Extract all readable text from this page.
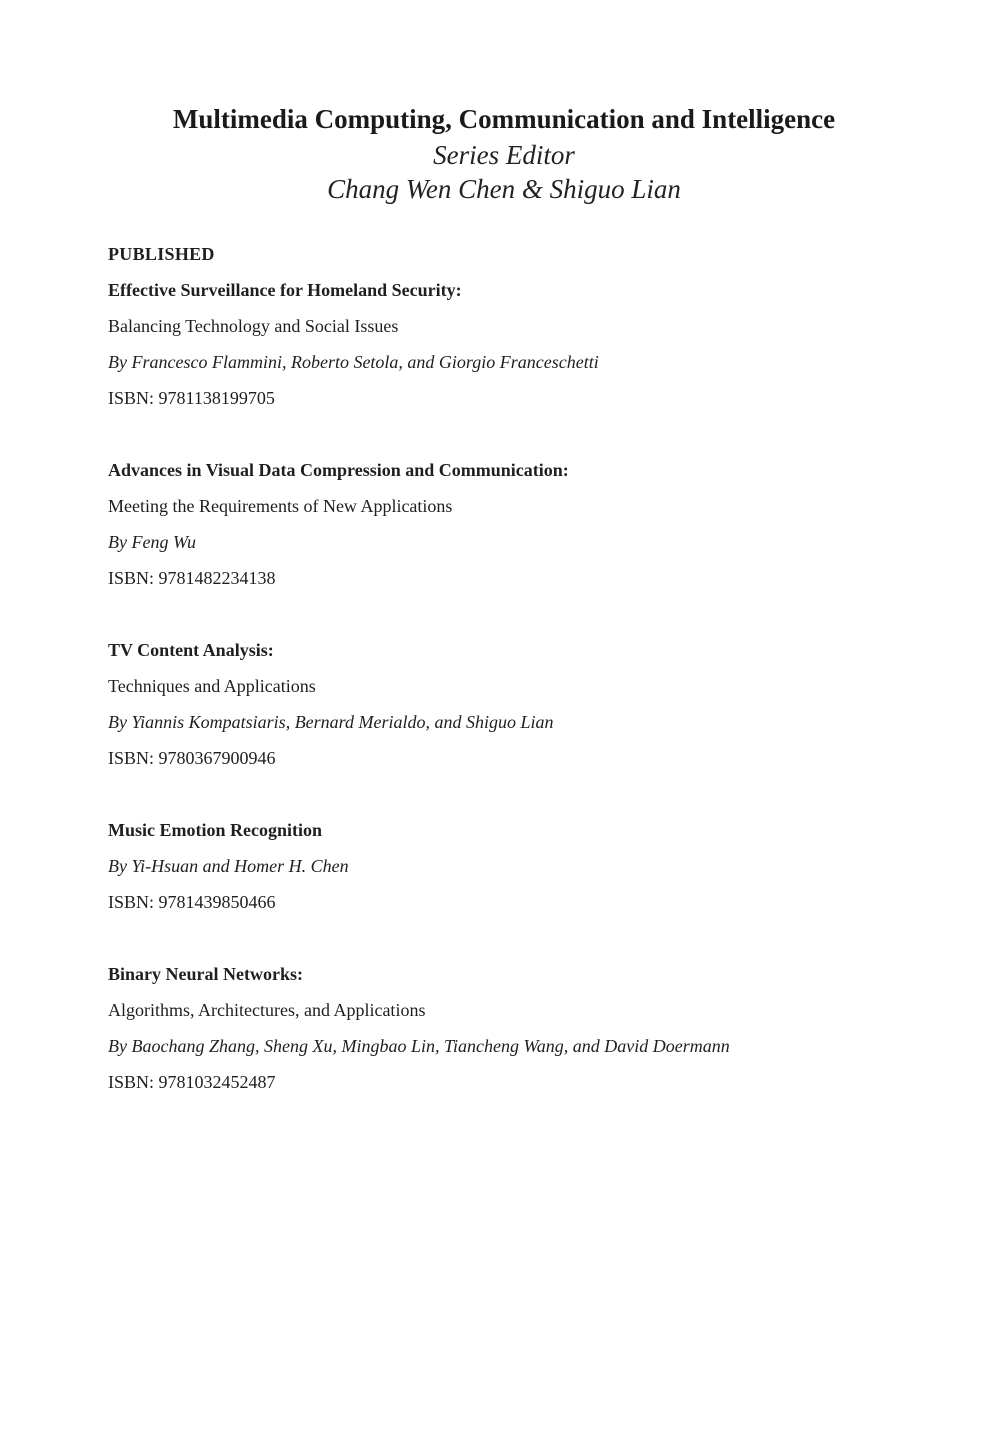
Multimedia Computing, Communication and Intelligence
Series Editor
Chang Wen Chen & Shiguo Lian
PUBLISHED
Effective Surveillance for Homeland Security:
Balancing Technology and Social Issues
By Francesco Flammini, Roberto Setola, and Giorgio Franceschetti
ISBN: 9781138199705
Advances in Visual Data Compression and Communication:
Meeting the Requirements of New Applications
By Feng Wu
ISBN: 9781482234138
TV Content Analysis:
Techniques and Applications
By Yiannis Kompatsiaris, Bernard Merialdo, and Shiguo Lian
ISBN: 9780367900946
Music Emotion Recognition
By Yi-Hsuan and Homer H. Chen
ISBN: 9781439850466
Binary Neural Networks:
Algorithms, Architectures, and Applications
By Baochang Zhang, Sheng Xu, Mingbao Lin, Tiancheng Wang, and David Doermann
ISBN: 9781032452487
